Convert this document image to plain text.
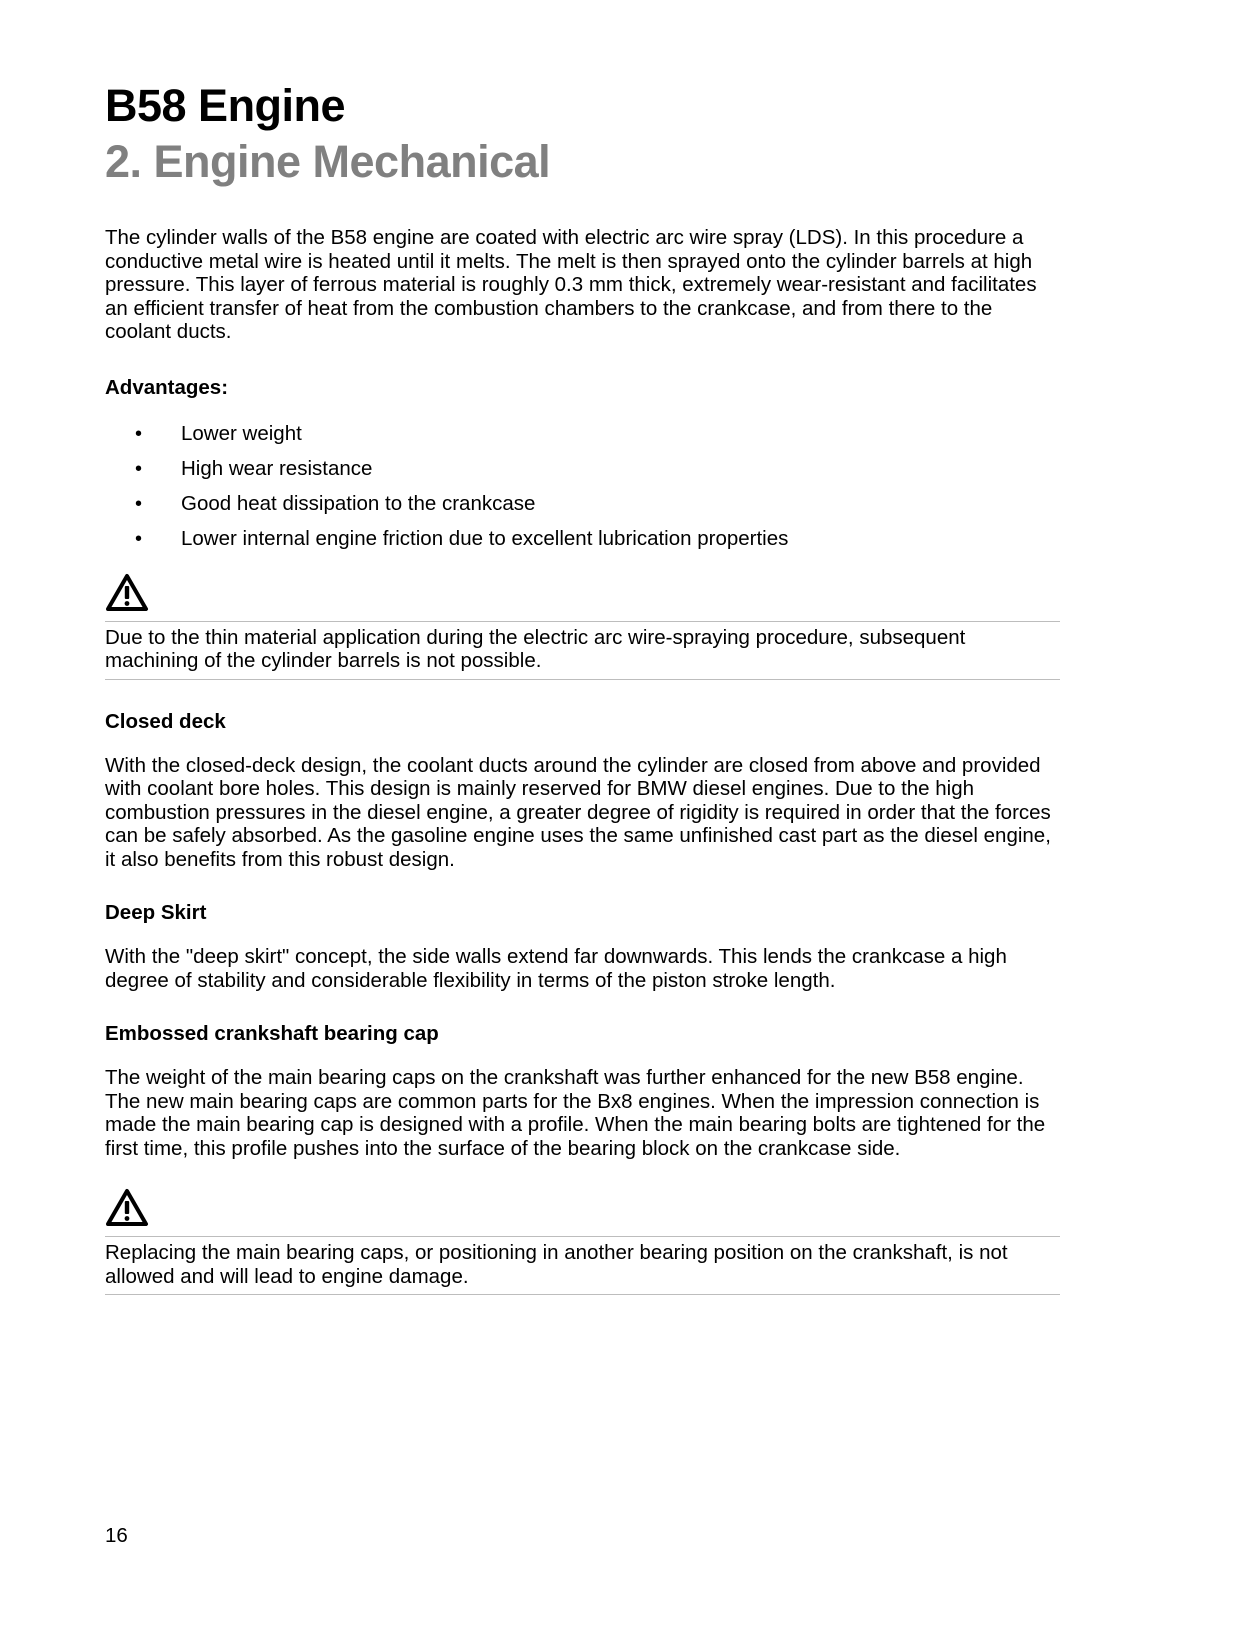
B58 Engine
2. Engine Mechanical

The cylinder walls of the B58 engine are coated with electric arc wire spray (LDS). In this procedure a conductive metal wire is heated until it melts. The melt is then sprayed onto the cylinder barrels at high pressure. This layer of ferrous material is roughly 0.3 mm thick, extremely wear-resistant and facilitates an efficient transfer of heat from the combustion chambers to the crankcase, and from there to the coolant ducts.

Advantages:

• Lower weight
• High wear resistance
• Good heat dissipation to the crankcase
• Lower internal engine friction due to excellent lubrication properties

Due to the thin material application during the electric arc wire-spraying procedure, subsequent machining of the cylinder barrels is not possible.

Closed deck

With the closed-deck design, the coolant ducts around the cylinder are closed from above and provided with coolant bore holes. This design is mainly reserved for BMW diesel engines. Due to the high combustion pressures in the diesel engine, a greater degree of rigidity is required in order that the forces can be safely absorbed. As the gasoline engine uses the same unfinished cast part as the diesel engine, it also benefits from this robust design.

Deep Skirt

With the "deep skirt" concept, the side walls extend far downwards. This lends the crankcase a high degree of stability and considerable flexibility in terms of the piston stroke length.

Embossed crankshaft bearing cap

The weight of the main bearing caps on the crankshaft was further enhanced for the new B58 engine. The new main bearing caps are common parts for the Bx8 engines. When the impression connection is made the main bearing cap is designed with a profile. When the main bearing bolts are tightened for the first time, this profile pushes into the surface of the bearing block on the crankcase side.

Replacing the main bearing caps, or positioning in another bearing position on the crankshaft, is not allowed and will lead to engine damage.

16
